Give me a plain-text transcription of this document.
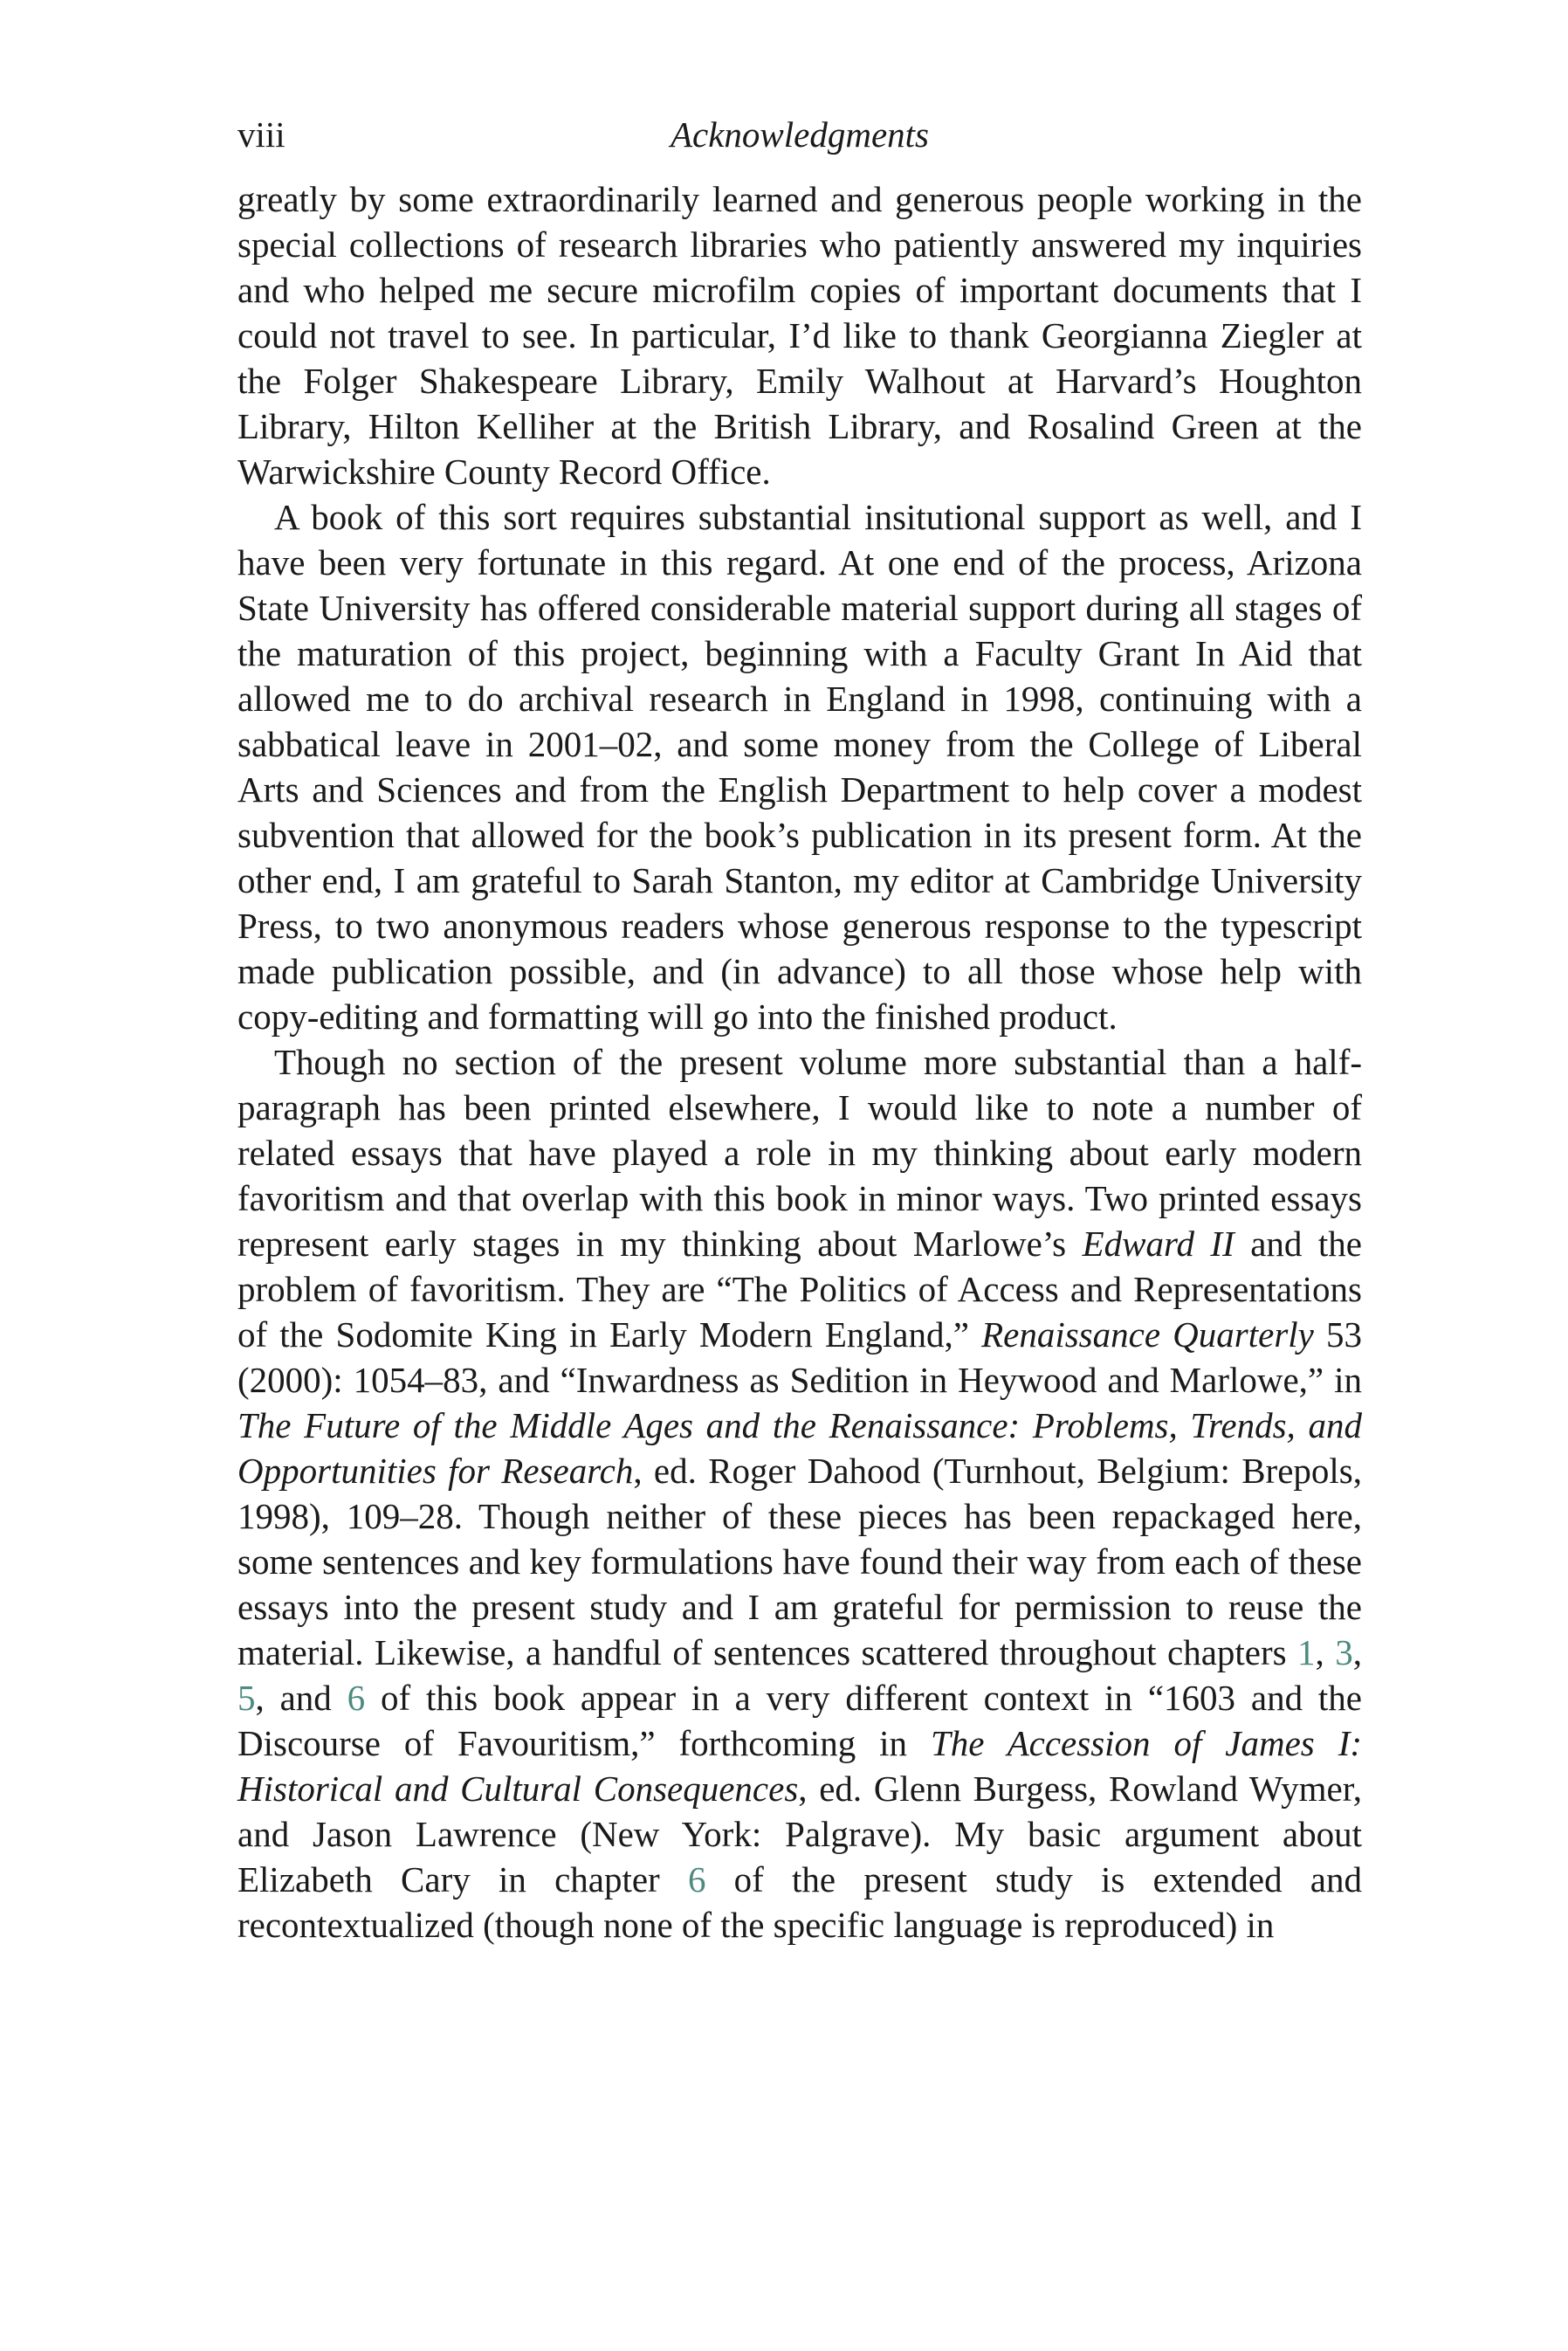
viii	Acknowledgments

greatly by some extraordinarily learned and generous people working in the special collections of research libraries who patiently answered my inquiries and who helped me secure microfilm copies of important documents that I could not travel to see. In particular, I’d like to thank Georgianna Ziegler at the Folger Shakespeare Library, Emily Walhout at Harvard’s Houghton Library, Hilton Kelliher at the British Library, and Rosalind Green at the Warwickshire County Record Office.

A book of this sort requires substantial insitutional support as well, and I have been very fortunate in this regard. At one end of the process, Arizona State University has offered considerable material support during all stages of the maturation of this project, beginning with a Faculty Grant In Aid that allowed me to do archival research in England in 1998, continuing with a sabbatical leave in 2001–02, and some money from the College of Liberal Arts and Sciences and from the English Department to help cover a modest subvention that allowed for the book’s publication in its present form. At the other end, I am grateful to Sarah Stanton, my editor at Cambridge University Press, to two anonymous readers whose generous response to the typescript made publication possible, and (in advance) to all those whose help with copy-editing and formatting will go into the finished product.

Though no section of the present volume more substantial than a half-paragraph has been printed elsewhere, I would like to note a number of related essays that have played a role in my thinking about early modern favoritism and that overlap with this book in minor ways. Two printed essays represent early stages in my thinking about Marlowe’s Edward II and the problem of favoritism. They are “The Politics of Access and Representations of the Sodomite King in Early Modern England,” Renaissance Quarterly 53 (2000): 1054–83, and “Inwardness as Sedition in Heywood and Marlowe,” in The Future of the Middle Ages and the Renaissance: Problems, Trends, and Opportunities for Research, ed. Roger Dahood (Turnhout, Belgium: Brepols, 1998), 109–28. Though neither of these pieces has been repackaged here, some sentences and key formulations have found their way from each of these essays into the present study and I am grateful for permission to reuse the material. Likewise, a handful of sentences scattered throughout chapters 1, 3, 5, and 6 of this book appear in a very different context in “1603 and the Discourse of Favouritism,” forthcoming in The Accession of James I: Historical and Cultural Consequences, ed. Glenn Burgess, Rowland Wymer, and Jason Lawrence (New York: Palgrave). My basic argument about Elizabeth Cary in chapter 6 of the present study is extended and recontextualized (though none of the specific language is reproduced) in
